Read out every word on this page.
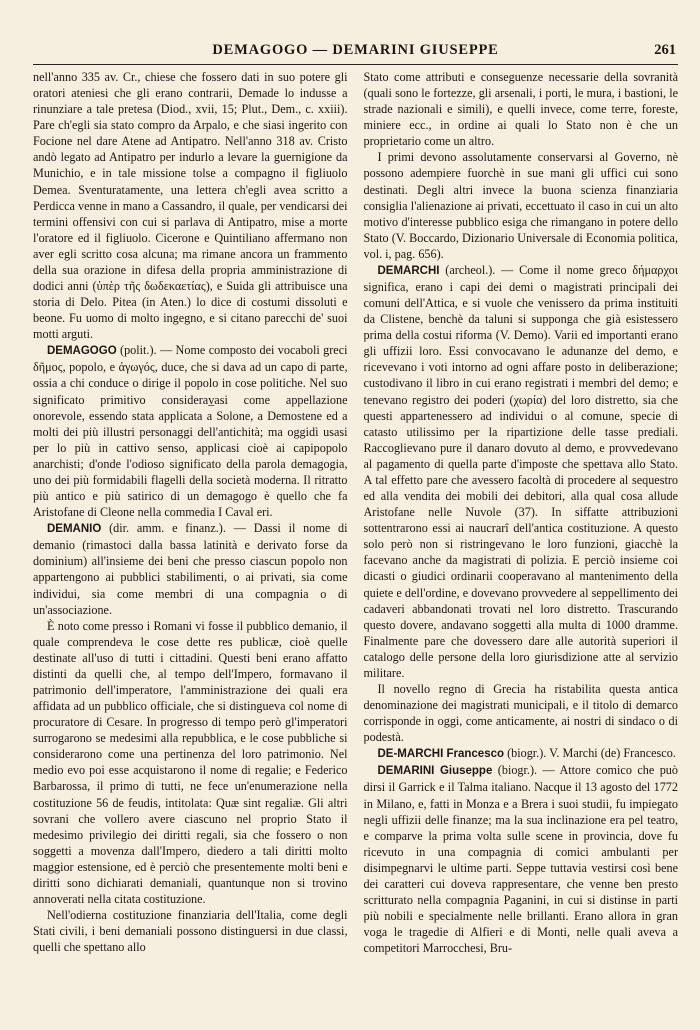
DEMAGOGO — DEMARINI GIUSEPPE	261

nell'anno 335 av. Cr., chiese che fossero dati in suo potere gli oratori ateniesi che gli erano contrarii, Demade lo indusse a rinunziare a tale pretesa (Diod., xvii, 15; Plut., Dem., c. xxiii). Pare ch'egli sia stato compro da Arpalo, e che siasi ingerito con Focione nel dare Atene ad Antipatro. Nell'anno 318 av. Cristo andò legato ad Antipatro per indurlo a levare la guernigione da Munichio, e in tale missione tolse a compagno il figliuolo Demea. Sventuratamente, una lettera ch'egli avea scritto a Perdicca venne in mano a Cassandro, il quale, per vendicarsi dei termini offensivi con cui si parlava di Antipatro, mise a morte l'oratore ed il figliuolo. Cicerone e Quintiliano affermano non aver egli scritto cosa alcuna; ma rimane ancora un frammento della sua orazione in difesa della propria amministrazione di dodici anni (ὑπὲρ τῆς δωδεκαετίας), e Suida gli attribuisce una storia di Delo. Pitea (in Aten.) lo dice di costumi dissoluti e beone. Fu uomo di molto ingegno, e si citano parecchi de' suoi motti arguti.

DEMAGOGO (polit.). — Nome composto dei vocaboli greci δῆμος, popolo, e ἀγωγός, duce, che si dava ad un capo di parte, ossia a chi conduce o dirige il popolo in cose politiche. Nel suo significato primitivo considerav̲asi come appellazione onorevole, essendo stata applicata a Solone, a Demostene ed a molti dei più illustri personaggi dell'antichità; ma oggidì usasi per lo più in cattivo senso, applicasi cioè ai capipopolo anarchisti; d'onde l'odioso significato della parola demagogia, uno dei più formidabili flagelli della società moderna. Il ritratto più antico e più satirico di un demagogo è quello che fa Aristofane di Cleone nella commedia I Caval eri.

DEMANIO (dir. amm. e finanz.). — Dassi il nome di demanio (rimastoci dalla bassa latinità e derivato forse da dominium) all'insieme dei beni che presso ciascun popolo non appartengono ai pubblici stabilimenti, o ai privati, sia come individui, sia come membri di una compagnia o di un'associazione.

È noto come presso i Romani vi fosse il pubblico demanio, il quale comprendeva le cose dette res publicæ, cioè quelle destinate all'uso di tutti i cittadini. Questi beni erano affatto distinti da quelli che, al tempo dell'Impero, formavano il patrimonio dell'imperatore, l'amministrazione dei quali era affidata ad un pubblico officiale, che si distingueva col nome di procuratore di Cesare. In progresso di tempo però gl'imperatori surrogarono se medesimi alla repubblica, e le cose pubbliche si considerarono come una pertinenza del loro patrimonio. Nel medio evo poi esse acquistarono il nome di regalie; e Federico Barbarossa, il primo di tutti, ne fece un'enumerazione nella costituzione 56 de feudis, intitolata: Quæ sint regaliæ. Gli altri sovrani che vollero avere ciascuno nel proprio Stato il medesimo privilegio dei diritti regali, sia che fossero o non soggetti a movenza dall'Impero, diedero a tali diritti molto maggior estensione, ed è perciò che presentemente molti beni e diritti sono dichiarati demaniali, quantunque non si trovino annoverati nella citata costituzione.

Nell'odierna costituzione finanziaria dell'Italia, come degli Stati civili, i beni demaniali possono distinguersi in due classi, quelli che spettano allo

Stato come attributi e conseguenze necessarie della sovranità (quali sono le fortezze, gli arsenali, i porti, le mura, i bastioni, le strade nazionali e simili), e quelli invece, come terre, foreste, miniere ecc., in ordine ai quali lo Stato non è che un proprietario come un altro.

I primi devono assolutamente conservarsi al Governo, nè possono adempiere fuorchè in sue mani gli uffici cui sono destinati. Degli altri invece la buona scienza finanziaria consiglia l'alienazione ai privati, eccettuato il caso in cui un alto motivo d'interesse pubblico esiga che rimangano in potere dello Stato (V. Boccardo, Dizionario Universale di Economia politica, vol. i, pag. 656).

DEMARCHI (archeol.). — Come il nome greco δήμαρχοι significa, erano i capi dei demi o magistrati principali dei comuni dell'Attica, e si vuole che venissero da prima instituiti da Clistene, benchè da taluni si supponga che già esistessero prima della costui riforma (V. Demo). Varii ed importanti erano gli uffizii loro. Essi convocavano le adunanze del demo, e ricevevano i voti intorno ad ogni affare posto in deliberazione; custodivano il libro in cui erano registrati i membri del demo; e tenevano registro dei poderi (χωρία) del loro distretto, sia che questi appartenessero ad individui o al comune, specie di catasto utilissimo per la ripartizione delle tasse prediali. Raccoglievano pure il danaro dovuto al demo, e provvedevano al pagamento di quella parte d'imposte che spettava allo Stato. A tal effetto pare che avessero facoltà di procedere al sequestro ed alla vendita dei mobili dei debitori, alla qual cosa allude Aristofane nelle Nuvole (37). In siffatte attribuzioni sottentrarono essi ai naucrarî dell'antica costituzione. A questo solo però non si ristringevano le loro funzioni, giacchè la facevano anche da magistrati di polizia. E perciò insieme coi dicasti o giudici ordinarii cooperavano al mantenimento della quiete e dell'ordine, e dovevano provvedere al seppellimento dei cadaveri abbandonati trovati nel loro distretto. Trascurando questo dovere, andavano soggetti alla multa di 1000 dramme. Finalmente pare che dovessero dare alle autorità superiori il catalogo delle persone della loro giurisdizione atte al servizio militare.

Il novello regno di Grecia ha ristabilita questa antica denominazione dei magistrati municipali, e il titolo di demarco corrisponde in oggi, come anticamente, ai nostri di sindaco o di podestà.

DE-MARCHI Francesco (biogr.). V. Marchi (de) Francesco.

DEMARINI Giuseppe (biogr.). — Attore comico che può dirsi il Garrick e il Talma italiano. Nacque il 13 agosto del 1772 in Milano, e, fatti in Monza e a Brera i suoi studii, fu impiegato negli uffizii delle finanze; ma la sua inclinazione era pel teatro, e comparve la prima volta sulle scene in provincia, dove fu ricevuto in una compagnia di comici ambulanti per disimpegnarvi le ultime parti. Seppe tuttavia vestirsi così bene dei caratteri cui doveva rappresentare, che venne ben presto scritturato nella compagnia Paganini, in cui si distinse in parti più nobili e specialmente nelle brillanti. Erano allora in gran voga le tragedie di Alfieri e di Monti, nelle quali aveva a competitori Marrocchesi, Bru-
